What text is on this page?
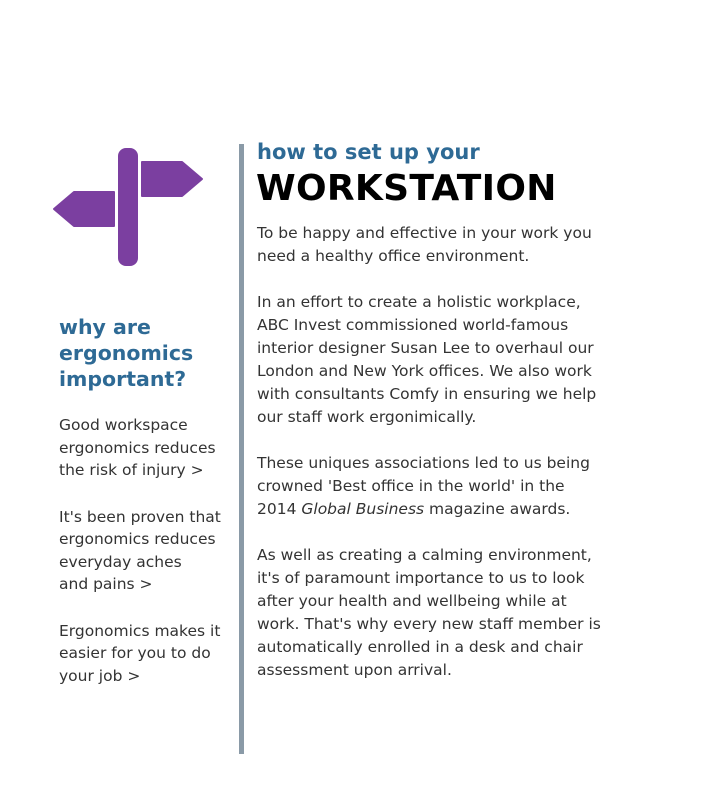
why are
ergonomics
important?

Good workspace
ergonomics reduces
the risk of injury >

It's been proven that
ergonomics reduces
everyday aches
and pains >

Ergonomics makes it
easier for you to do
your job >

how to set up your
WORKSTATION

To be happy and effective in your work you
need a healthy office environment.

In an effort to create a holistic workplace,
ABC Invest commissioned world-famous
interior designer Susan Lee to overhaul our
London and New York offices. We also work
with consultants Comfy in ensuring we help
our staff work ergonimically.

These uniques associations led to us being
crowned 'Best office in the world' in the
2014 Global Business magazine awards.

As well as creating a calming environment,
it's of paramount importance to us to look
after your health and wellbeing while at
work. That's why every new staff member is
automatically enrolled in a desk and chair
assessment upon arrival.
